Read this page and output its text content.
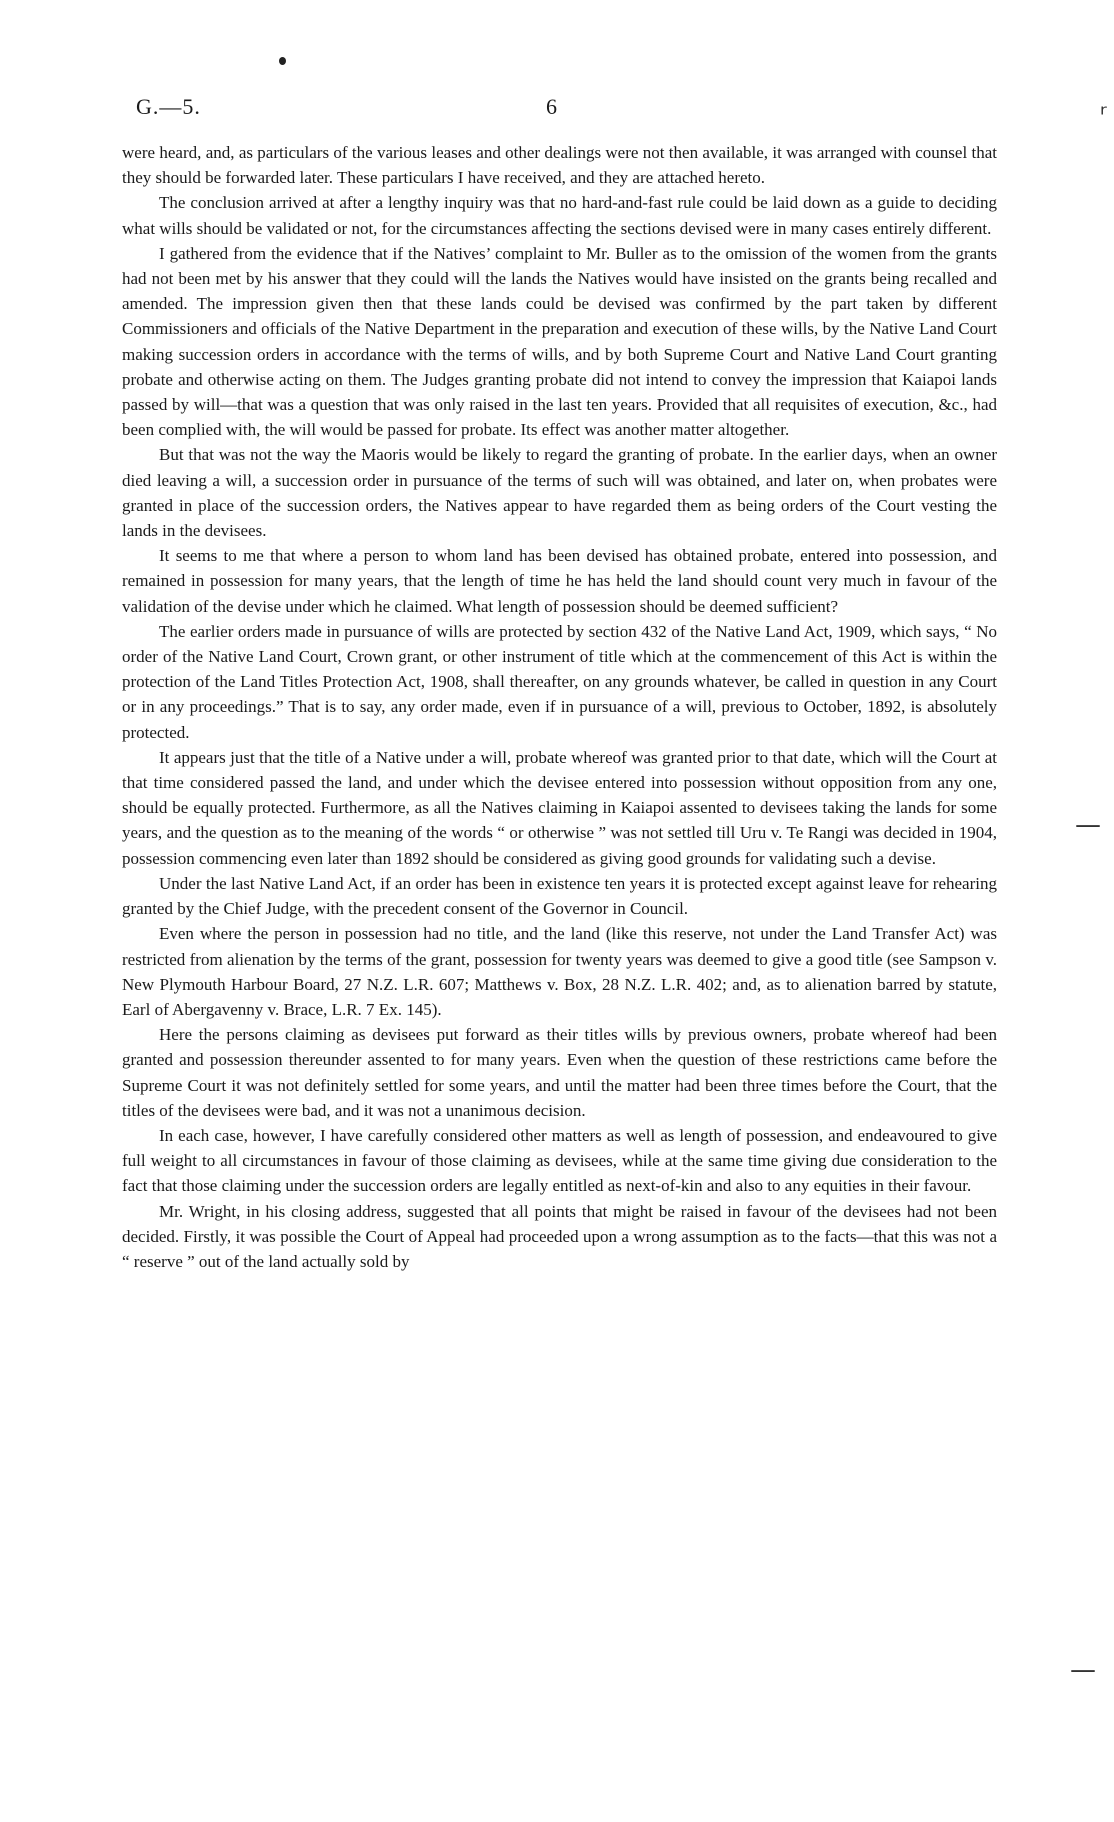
G.—5.	6	ʳ
—
—

were heard, and, as particulars of the various leases and other dealings were not then available, it was arranged with counsel that they should be forwarded later. These particulars I have received, and they are attached hereto.

The conclusion arrived at after a lengthy inquiry was that no hard-and-fast rule could be laid down as a guide to deciding what wills should be validated or not, for the circumstances affecting the sections devised were in many cases entirely different.

I gathered from the evidence that if the Natives’ complaint to Mr. Buller as to the omission of the women from the grants had not been met by his answer that they could will the lands the Natives would have insisted on the grants being recalled and amended. The impression given then that these lands could be devised was confirmed by the part taken by different Commissioners and officials of the Native Department in the preparation and execution of these wills, by the Native Land Court making succession orders in accordance with the terms of wills, and by both Supreme Court and Native Land Court granting probate and otherwise acting on them. The Judges granting probate did not intend to convey the impression that Kaiapoi lands passed by will—that was a question that was only raised in the last ten years. Provided that all requisites of execution, &c., had been complied with, the will would be passed for probate. Its effect was another matter altogether.

But that was not the way the Maoris would be likely to regard the granting of probate. In the earlier days, when an owner died leaving a will, a succession order in pursuance of the terms of such will was obtained, and later on, when probates were granted in place of the succession orders, the Natives appear to have regarded them as being orders of the Court vesting the lands in the devisees.

It seems to me that where a person to whom land has been devised has obtained probate, entered into possession, and remained in possession for many years, that the length of time he has held the land should count very much in favour of the validation of the devise under which he claimed. What length of possession should be deemed sufficient?

The earlier orders made in pursuance of wills are protected by section 432 of the Native Land Act, 1909, which says, “ No order of the Native Land Court, Crown grant, or other instrument of title which at the commencement of this Act is within the protection of the Land Titles Protection Act, 1908, shall thereafter, on any grounds whatever, be called in question in any Court or in any proceedings.” That is to say, any order made, even if in pursuance of a will, previous to October, 1892, is absolutely protected.

It appears just that the title of a Native under a will, probate whereof was granted prior to that date, which will the Court at that time considered passed the land, and under which the devisee entered into possession without opposition from any one, should be equally protected. Furthermore, as all the Natives claiming in Kaiapoi assented to devisees taking the lands for some years, and the question as to the meaning of the words “ or otherwise ” was not settled till Uru v. Te Rangi was decided in 1904, possession commencing even later than 1892 should be considered as giving good grounds for validating such a devise.

Under the last Native Land Act, if an order has been in existence ten years it is protected except against leave for rehearing granted by the Chief Judge, with the precedent consent of the Governor in Council.

Even where the person in possession had no title, and the land (like this reserve, not under the Land Transfer Act) was restricted from alienation by the terms of the grant, possession for twenty years was deemed to give a good title (see Sampson v. New Plymouth Harbour Board, 27 N.Z. L.R. 607; Matthews v. Box, 28 N.Z. L.R. 402; and, as to alienation barred by statute, Earl of Abergavenny v. Brace, L.R. 7 Ex. 145).

Here the persons claiming as devisees put forward as their titles wills by previous owners, probate whereof had been granted and possession thereunder assented to for many years. Even when the question of these restrictions came before the Supreme Court it was not definitely settled for some years, and until the matter had been three times before the Court, that the titles of the devisees were bad, and it was not a unanimous decision.

In each case, however, I have carefully considered other matters as well as length of possession, and endeavoured to give full weight to all circumstances in favour of those claiming as devisees, while at the same time giving due consideration to the fact that those claiming under the succession orders are legally entitled as next-of-kin and also to any equities in their favour.

Mr. Wright, in his closing address, suggested that all points that might be raised in favour of the devisees had not been decided. Firstly, it was possible the Court of Appeal had proceeded upon a wrong assumption as to the facts—that this was not a “ reserve ” out of the land actually sold by
